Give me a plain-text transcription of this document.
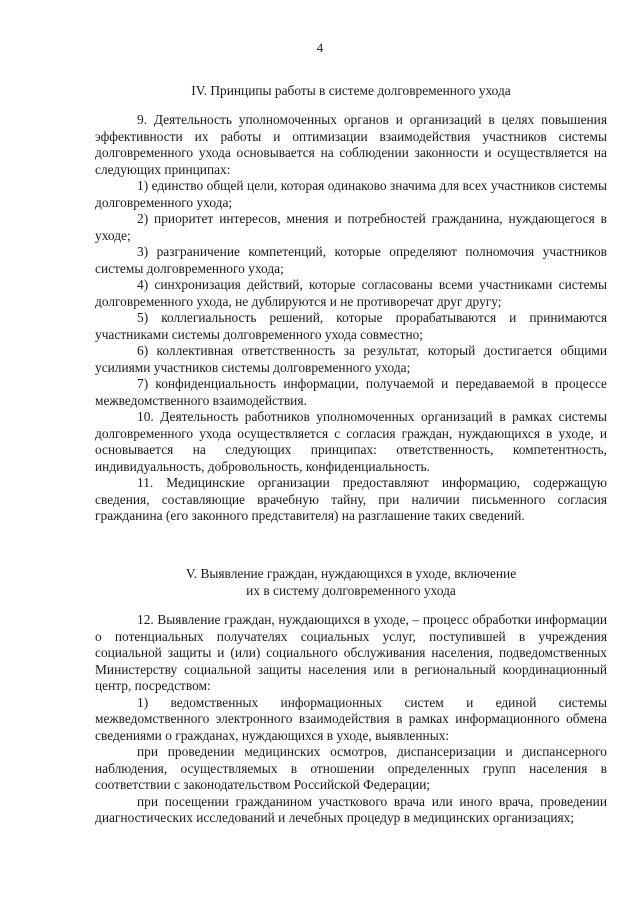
4
IV. Принципы работы в системе долговременного ухода

9. Деятельность уполномоченных органов и организаций в целях повышения эффективности их работы и оптимизации взаимодействия участников системы долговременного ухода основывается на соблюдении законности и осуществляется на следующих принципах:

1) единство общей цели, которая одинаково значима для всех участников системы долговременного ухода;

2) приоритет интересов, мнения и потребностей гражданина, нуждающегося в уходе;

3) разграничение компетенций, которые определяют полномочия участников системы долговременного ухода;

4) синхронизация действий, которые согласованы всеми участниками системы долговременного ухода, не дублируются и не противоречат друг другу;

5) коллегиальность решений, которые прорабатываются и принимаются участниками системы долговременного ухода совместно;

6) коллективная ответственность за результат, который достигается общими усилиями участников системы долговременного ухода;

7) конфиденциальность информации, получаемой и передаваемой в процессе межведомственного взаимодействия.

10. Деятельность работников уполномоченных организаций в рамках системы долговременного ухода осуществляется с согласия граждан, нуждающихся в уходе, и основывается на следующих принципах: ответственность, компетентность, индивидуальность, добровольность, конфиденциальность.

11. Медицинские организации предоставляют информацию, содержащую сведения, составляющие врачебную тайну, при наличии письменного согласия гражданина (его законного представителя) на разглашение таких сведений.

V. Выявление граждан, нуждающихся в уходе, включение
их в систему долговременного ухода

12. Выявление граждан, нуждающихся в уходе, – процесс обработки информации о потенциальных получателях социальных услуг, поступившей в учреждения социальной защиты и (или) социального обслуживания населения, подведомственных Министерству социальной защиты населения или в региональный координационный центр, посредством:

1) ведомственных информационных систем и единой системы межведомственного электронного взаимодействия в рамках информационного обмена сведениями о гражданах, нуждающихся в уходе, выявленных:

при проведении медицинских осмотров, диспансеризации и диспансерного наблюдения, осуществляемых в отношении определенных групп населения в соответствии с законодательством Российской Федерации;

при посещении гражданином участкового врача или иного врача, проведении диагностических исследований и лечебных процедур в медицинских организациях;
